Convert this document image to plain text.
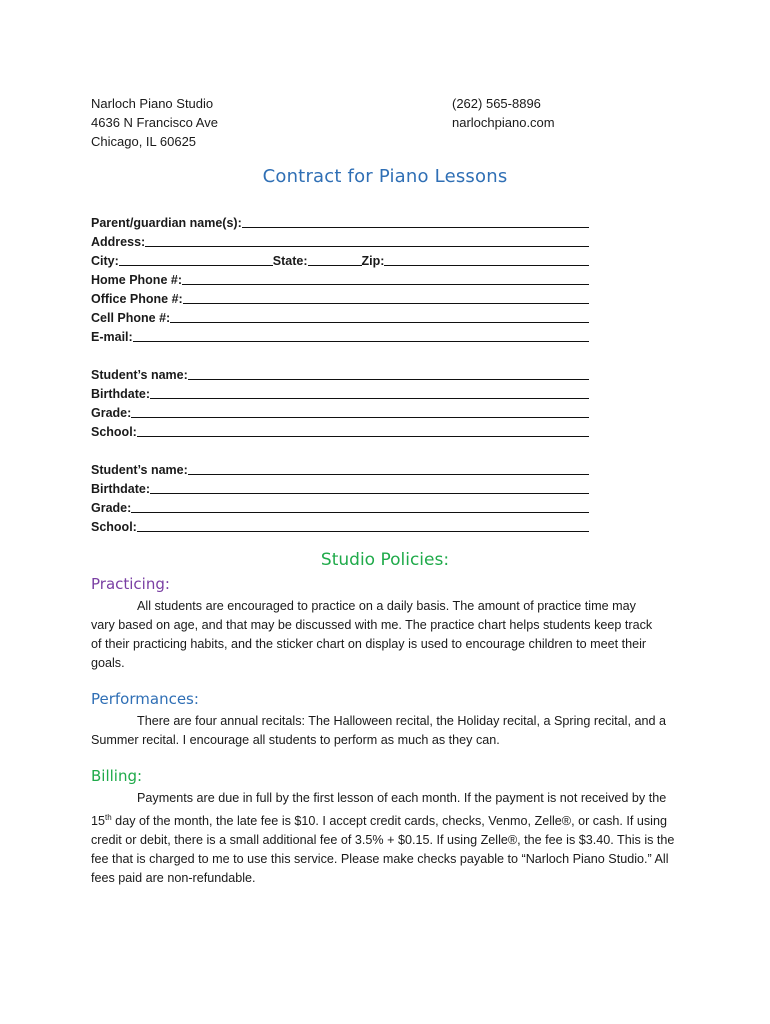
Narloch Piano Studio
4636 N Francisco Ave
Chicago, IL 60625
(262) 565-8896
narlochpiano.com
Contract for Piano Lessons
Parent/guardian name(s):
Address:
City:	State:	Zip:
Home Phone #:
Office Phone #:
Cell Phone #:
E-mail:
Student’s name:
Birthdate:
Grade:
School:
Student’s name:
Birthdate:
Grade:
School:
Studio Policies:

Practicing:

All students are encouraged to practice on a daily basis. The amount of practice time may vary based on age, and that may be discussed with me. The practice chart helps students keep track of their practicing habits, and the sticker chart on display is used to encourage children to meet their goals.

Performances:

There are four annual recitals: The Halloween recital, the Holiday recital, a Spring recital, and a Summer recital. I encourage all students to perform as much as they can.

Billing:

Payments are due in full by the first lesson of each month. If the payment is not received by the 15th day of the month, the late fee is $10. I accept credit cards, checks, Venmo, Zelle®, or cash. If using credit or debit, there is a small additional fee of 3.5% + $0.15. If using Zelle®, the fee is $3.40. This is the fee that is charged to me to use this service. Please make checks payable to “Narloch Piano Studio.” All fees paid are non-refundable.
